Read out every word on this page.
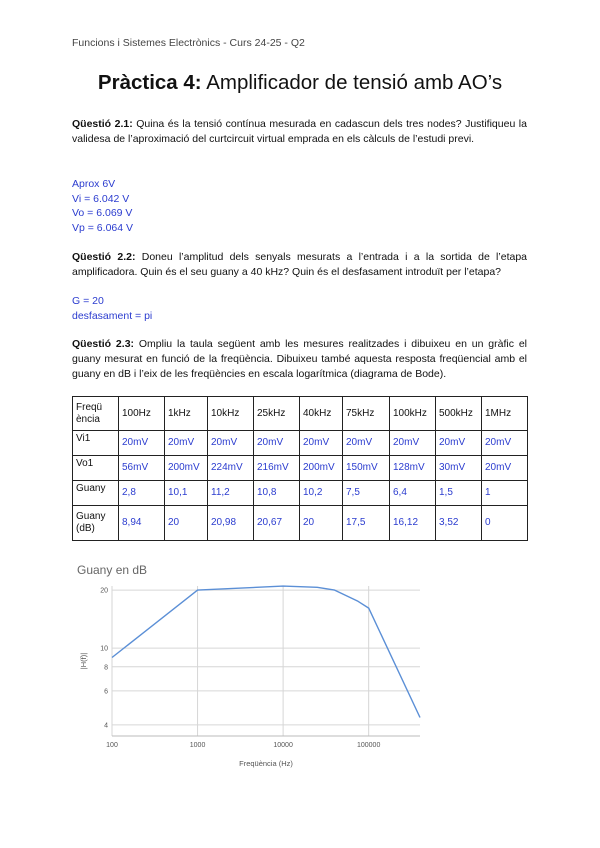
Funcions i Sistemes Electrònics - Curs 24-25 - Q2
Pràctica 4: Amplificador de tensió amb AO’s
Qüestió 2.1: Quina és la tensió contínua mesurada en cadascun dels tres nodes? Justifiqueu la validesa de l’aproximació del curtcircuit virtual emprada en els càlculs de l’estudi previ.
Aprox 6V
Vi = 6.042 V
Vo = 6.069 V
Vp = 6.064 V
Qüestió 2.2: Doneu l’amplitud dels senyals mesurats a l’entrada i a la sortida de l’etapa amplificadora. Quin és el seu guany a 40 kHz? Quin és el desfasament introduït per l’etapa?
G = 20
desfasament = pi
Qüestió 2.3: Ompliu la taula següent amb les mesures realitzades i dibuixeu en un gràfic el guany mesurat en funció de la freqüència. Dibuixeu també aquesta resposta freqüencial amb el guany en dB i l’eix de les freqüències en escala logarítmica (diagrama de Bode).
Freqü ència	100Hz	1kHz	10kHz	25kHz	40kHz	75kHz	100kHz	500kHz	1MHz
Vi1	20mV	20mV	20mV	20mV	20mV	20mV	20mV	20mV	20mV
Vo1	56mV	200mV	224mV	216mV	200mV	150mV	128mV	30mV	20mV
Guany	2,8	10,1	11,2	10,8	10,2	7,5	6,4	1,5	1
Guany (dB)	8,94	20	20,98	20,67	20	17,5	16,12	3,52	0
Guany en dB
100	1000	10000	100000
4
6
8
10
20
Freqüència (Hz)
|H(f)|
